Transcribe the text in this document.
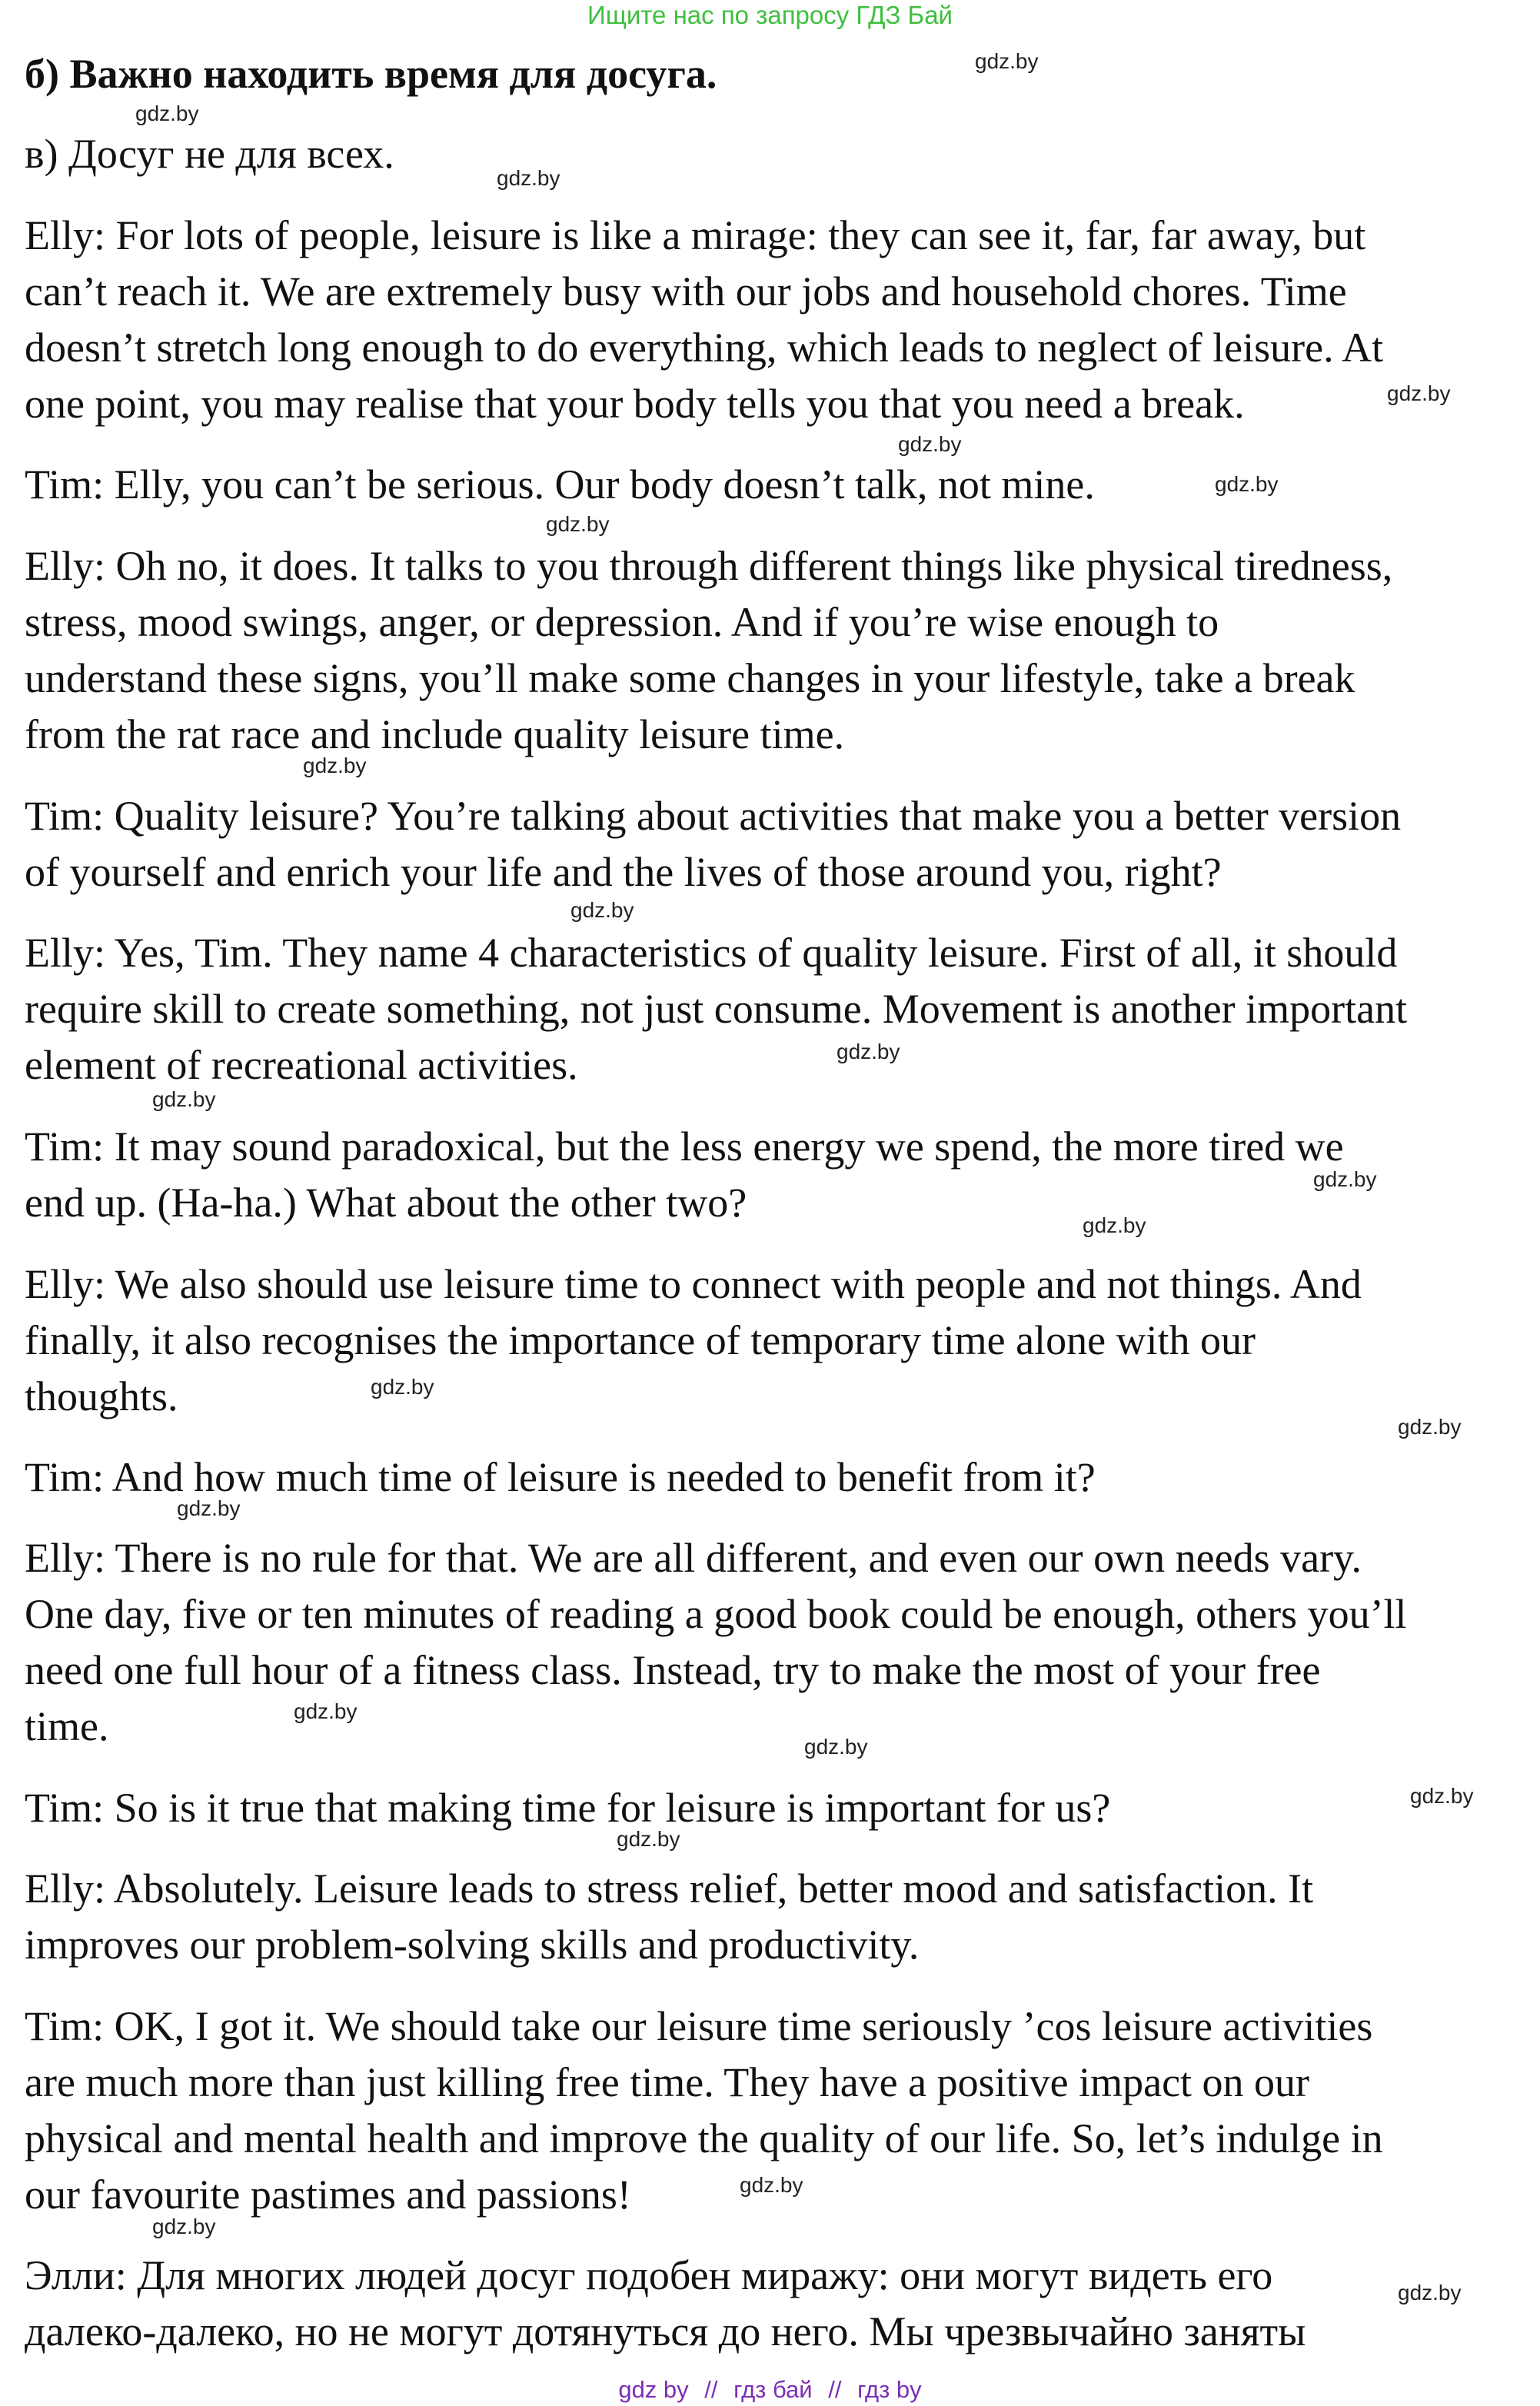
Ищите нас по запросу ГДЗ Бай
б) Важно находить время для досуга.
в) Досуг не для всех.
Elly: For lots of people, leisure is like a mirage: they can see it, far, far away, but
can’t reach it. We are extremely busy with our jobs and household chores. Time
doesn’t stretch long enough to do everything, which leads to neglect of leisure. At
one point, you may realise that your body tells you that you need a break.
Tim: Elly, you can’t be serious. Our body doesn’t talk, not mine.
Elly: Oh no, it does. It talks to you through different things like physical tiredness,
stress, mood swings, anger, or depression. And if you’re wise enough to
understand these signs, you’ll make some changes in your lifestyle, take a break
from the rat race and include quality leisure time.
Tim: Quality leisure? You’re talking about activities that make you a better version
of yourself and enrich your life and the lives of those around you, right?
Elly: Yes, Tim. They name 4 characteristics of quality leisure. First of all, it should
require skill to create something, not just consume. Movement is another important
element of recreational activities.
Tim: It may sound paradoxical, but the less energy we spend, the more tired we
end up. (Ha-ha.) What about the other two?
Elly: We also should use leisure time to connect with people and not things. And
finally, it also recognises the importance of temporary time alone with our
thoughts.
Tim: And how much time of leisure is needed to benefit from it?
Elly: There is no rule for that. We are all different, and even our own needs vary.
One day, five or ten minutes of reading a good book could be enough, others you’ll
need one full hour of a fitness class. Instead, try to make the most of your free
time.
Tim: So is it true that making time for leisure is important for us?
Elly: Absolutely. Leisure leads to stress relief, better mood and satisfaction. It
improves our problem-solving skills and productivity.
Tim: OK, I got it. We should take our leisure time seriously ’cos leisure activities
are much more than just killing free time. They have a positive impact on our
physical and mental health and improve the quality of our life. So, let’s indulge in
our favourite pastimes and passions!
Элли: Для многих людей досуг подобен миражу: они могут видеть его
далеко-далеко, но не могут дотянуться до него. Мы чрезвычайно заняты
gdz.by
gdz.by
gdz.by
gdz.by
gdz.by
gdz.by
gdz.by
gdz.by
gdz.by
gdz.by
gdz.by
gdz.by
gdz.by
gdz.by
gdz.by
gdz.by
gdz.by
gdz.by
gdz.by
gdz.by
gdz.by
gdz.by
gdz.by
gdz by // гдз бай // гдз by
